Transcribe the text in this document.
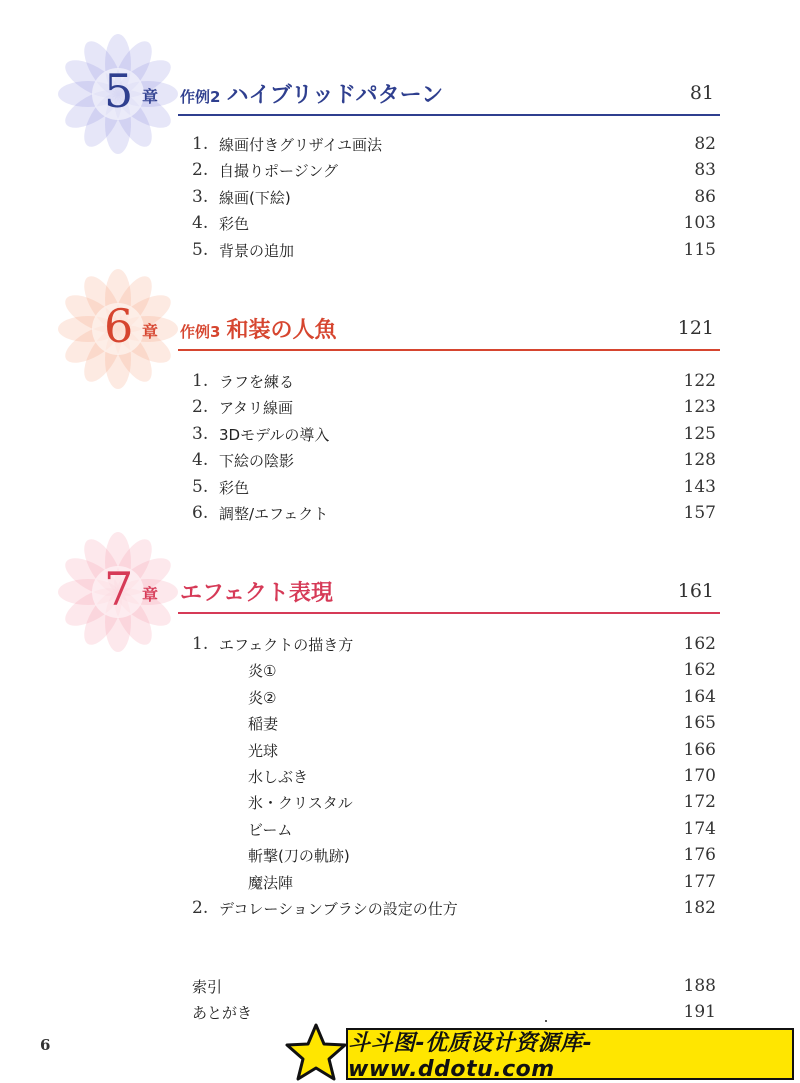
5 章 作例2 ハイブリッドパターン	81
1. 線画付きグリザイユ画法	82
2. 自撮りポージング	83
3. 線画(下絵)	86
4. 彩色	103
5. 背景の追加	115
6 章 作例3 和装の人魚	121
1. ラフを練る	122
2. アタリ線画	123
3. 3Dモデルの導入	125
4. 下絵の陰影	128
5. 彩色	143
6. 調整/エフェクト	157
7 章 エフェクト表現	161
1. エフェクトの描き方	162
炎①	162
炎②	164
稲妻	165
光球	166
水しぶき	170
氷・クリスタル	172
ビーム	174
斬撃(刀の軌跡)	176
魔法陣	177
2. デコレーションブラシの設定の仕方	182
索引	188
あとがき	191
6	斗斗图-优质设计资源库-www.ddotu.com
